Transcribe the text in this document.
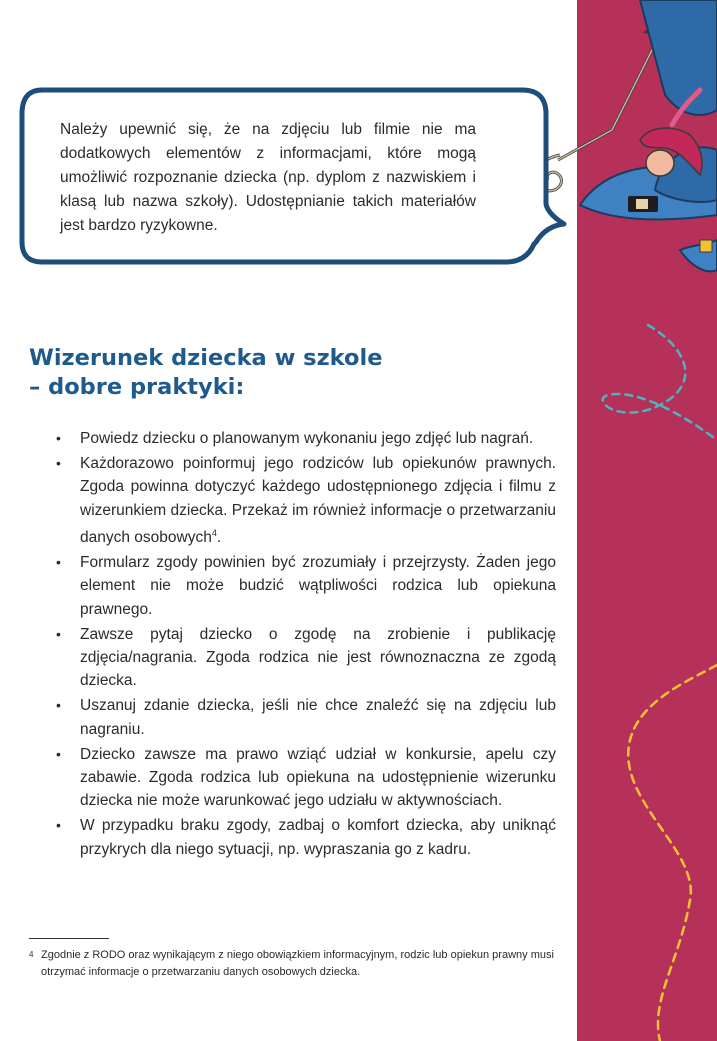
Należy upewnić się, że na zdjęciu lub filmie nie ma dodatkowych elementów z informacjami, które mogą umożliwić rozpoznanie dziecka (np. dyplom z nazwiskiem i klasą lub nazwa szkoły). Udostępnianie takich materiałów jest bardzo ryzykowne.

Wizerunek dziecka w szkole
– dobre praktyki:
• Powiedz dziecku o planowanym wykonaniu jego zdjęć lub nagrań.
• Każdorazowo poinformuj jego rodziców lub opiekunów prawnych. Zgoda powinna dotyczyć każdego udostępnionego zdjęcia i filmu z wizerunkiem dziecka. Przekaż im również informacje o przetwarzaniu danych osobowych$^4$.
• Formularz zgody powinien być zrozumiały i przejrzysty. Żaden jego element nie może budzić wątpliwości rodzica lub opiekuna prawnego.
• Zawsze pytaj dziecko o zgodę na zrobienie i publikację zdjęcia/nagrania. Zgoda rodzica nie jest równoznaczna ze zgodą dziecka.
• Uszanuj zdanie dziecka, jeśli nie chce znaleźć się na zdjęciu lub nagraniu.
• Dziecko zawsze ma prawo wziąć udział w konkursie, apelu czy zabawie. Zgoda rodzica lub opiekuna na udostępnienie wizerunku dziecka nie może warunkować jego udziału w aktywnościach.
• W przypadku braku zgody, zadbaj o komfort dziecka, aby uniknąć przykrych dla niego sytuacji, np. wypraszania go z kadru.

4 Zgodnie z RODO oraz wynikającym z niego obowiązkiem informacyjnym, rodzic lub opiekun prawny musi otrzymać informacje o przetwarzaniu danych osobowych dziecka.
